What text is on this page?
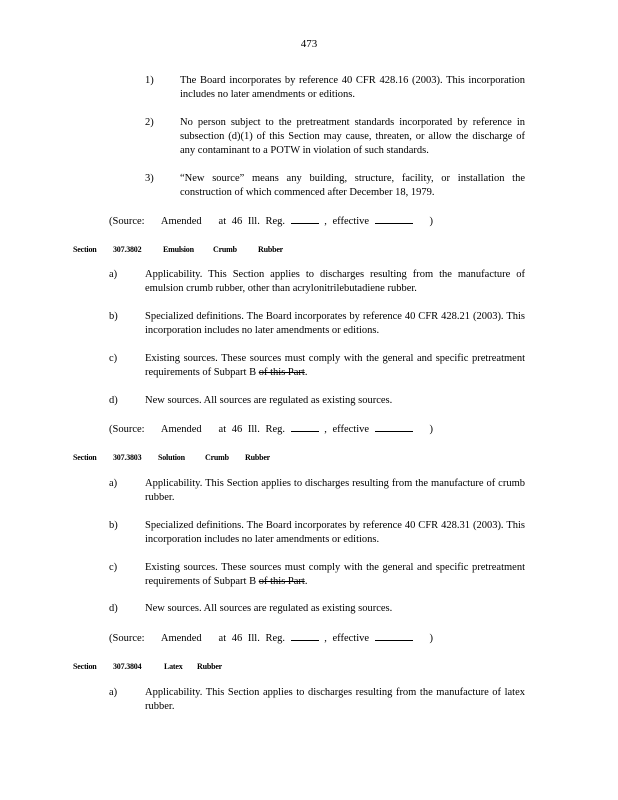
473
1)	The Board incorporates by reference 40 CFR 428.16 (2003). This incorporation includes no later amendments or editions.
2)	No person subject to the pretreatment standards incorporated by reference in subsection (d)(1) of this Section may cause, threaten, or allow the discharge of any contaminant to a POTW in violation of such standards.
3)	“New source” means any building, structure, facility, or installation the construction of which commenced after December 18, 1979.
(Source:   Amended   at 46 Ill. Reg.	, effective	)
Section 307.3802	Emulsion Crumb	Rubber
a)	Applicability. This Section applies to discharges resulting from the manufacture of emulsion crumb rubber, other than acrylonitrilebutadiene rubber.
b)	Specialized definitions. The Board incorporates by reference 40 CFR 428.21 (2003). This incorporation includes no later amendments or editions.
c)	Existing sources. These sources must comply with the general and specific pretreatment requirements of Subpart B of this Part.
d)	New sources. All sources are regulated as existing sources.
(Source:   Amended   at 46 Ill. Reg.	, effective	)
Section 307.3803 Solution	Crumb Rubber
a)	Applicability. This Section applies to discharges resulting from the manufacture of crumb rubber.
b)	Specialized definitions. The Board incorporates by reference 40 CFR 428.31 (2003). This incorporation includes no later amendments or editions.
c)	Existing sources. These sources must comply with the general and specific pretreatment requirements of Subpart B of this Part.
d)	New sources. All sources are regulated as existing sources.
(Source:   Amended   at 46 Ill. Reg.	, effective	)
Section 307.3804	Latex Rubber
a)	Applicability. This Section applies to discharges resulting from the manufacture of latex rubber.
